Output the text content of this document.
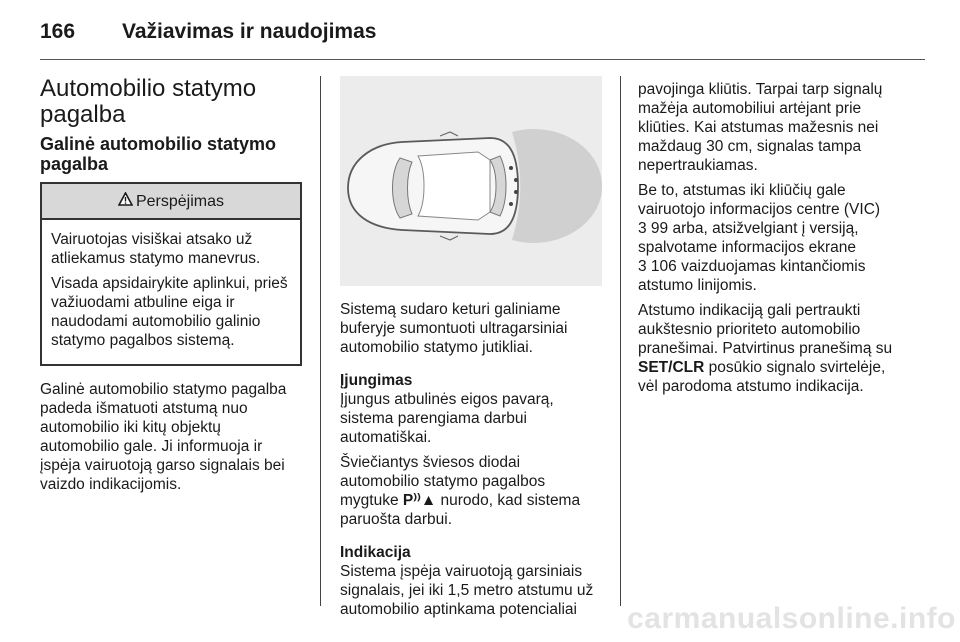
166 Važiavimas ir naudojimas
Automobilio statymo pagalba
Galinė automobilio statymo pagalba
Perspėjimas

Vairuotojas visiškai atsako už atliekamus statymo manevrus.

Visada apsidairykite aplinkui, prieš važiuodami atbuline eiga ir naudodami automobilio galinio statymo pagalbos sistemą.

Galinė automobilio statymo pagalba padeda išmatuoti atstumą nuo automobilio iki kitų objektų automobilio gale. Ji informuoja ir įspėja vairuotoją garso signalais bei vaizdo indikacijomis.

Sistemą sudaro keturi galiniame buferyje sumontuoti ultragarsiniai automobilio statymo jutikliai.

Įjungimas

Įjungus atbulinės eigos pavarą, sistema parengiama darbui automatiškai.

Šviečiantys šviesos diodai automobilio statymo pagalbos mygtuke P⁾⁾▲ nurodo, kad sistema paruošta darbui.

Indikacija

Sistema įspėja vairuotoją garsiniais signalais, jei iki 1,5 metro atstumu už automobilio aptinkama potencialiai

pavojinga kliūtis. Tarpai tarp signalų mažėja automobiliui artėjant prie kliūties. Kai atstumas mažesnis nei maždaug 30 cm, signalas tampa nepertraukiamas.

Be to, atstumas iki kliūčių gale vairuotojo informacijos centre (VIC)
3 99 arba, atsižvelgiant į versiją, spalvotame informacijos ekrane
3 106 vaizduojamas kintančiomis atstumo linijomis.

Atstumo indikaciją gali pertraukti aukštesnio prioriteto automobilio pranešimai. Patvirtinus pranešimą su SET/CLR posūkio signalo svirtelėje, vėl parodoma atstumo indikacija.

carmanualsonline.info
